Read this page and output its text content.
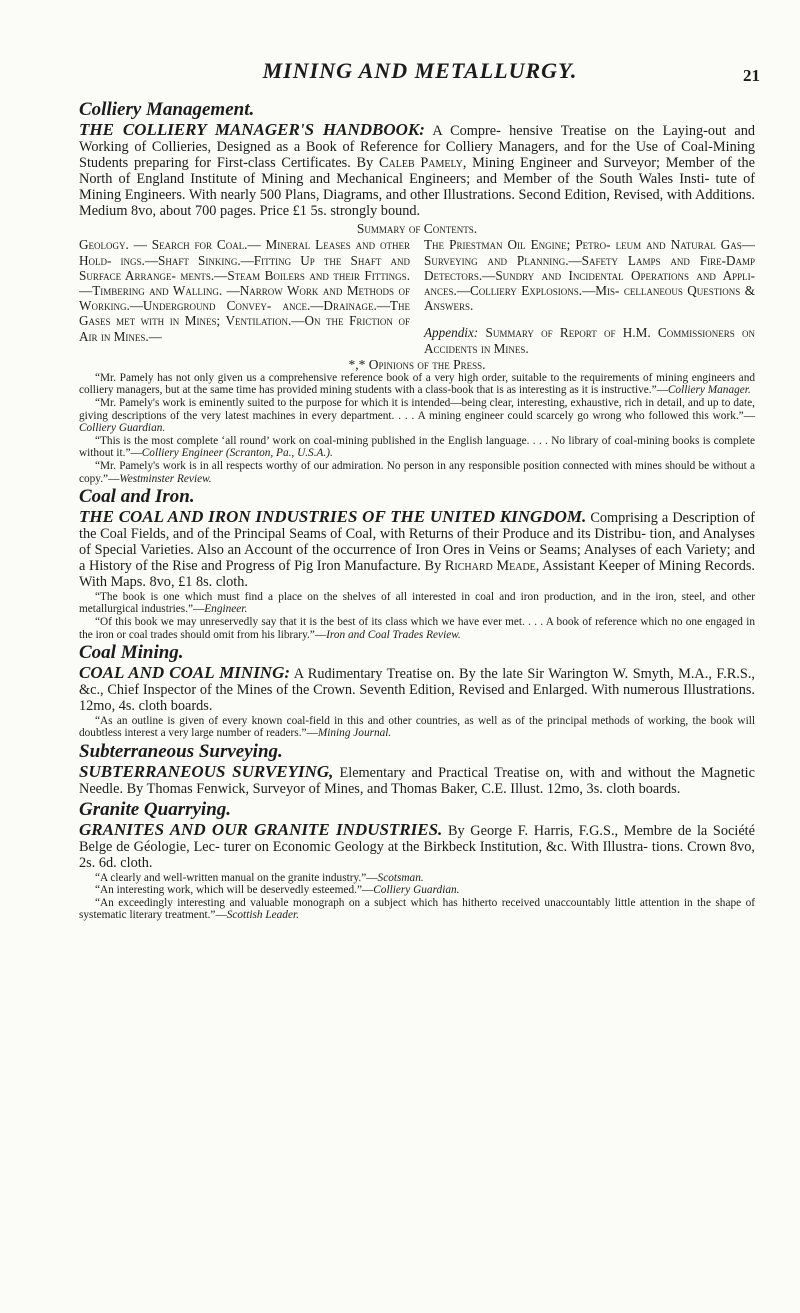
MINING AND METALLURGY.	21
Colliery Management.

THE COLLIERY MANAGER'S HANDBOOK: A Compre- hensive Treatise on the Laying-out and Working of Collieries, Designed as a Book of Reference for Colliery Managers, and for the Use of Coal-Mining Students preparing for First-class Certificates. By Caleb Pamely, Mining Engineer and Surveyor; Member of the North of England Institute of Mining and Mechanical Engineers; and Member of the South Wales Insti- tute of Mining Engineers. With nearly 500 Plans, Diagrams, and other Illustrations. Second Edition, Revised, with Additions. Medium 8vo, about 700 pages. Price £1 5s. strongly bound.

Summary of Contents.
Geology. — Search for Coal.— Mineral Leases and other Hold- ings.—Shaft Sinking.—Fitting Up the Shaft and Surface Arrange- ments.—Steam Boilers and their Fittings.—Timbering and Walling. —Narrow Work and Methods of Working.—Underground Convey- ance.—Drainage.—The Gases met with in Mines; Ventilation.—On the Friction of Air in Mines.—
The Priestman Oil Engine; Petro- leum and Natural Gas—Surveying and Planning.—Safety Lamps and Fire-Damp Detectors.—Sundry and Incidental Operations and Appli- ances.—Colliery Explosions.—Mis- cellaneous Questions & Answers.
Appendix: Summary of Report of H.M. Commissioners on Accidents in Mines.
*,* Opinions of the Press.

“Mr. Pamely has not only given us a comprehensive reference book of a very high order, suitable to the requirements of mining engineers and colliery managers, but at the same time has provided mining students with a class-book that is as interesting as it is instructive.”—Colliery Manager.

“Mr. Pamely's work is eminently suited to the purpose for which it is intended—being clear, interesting, exhaustive, rich in detail, and up to date, giving descriptions of the very latest machines in every department. . . . A mining engineer could scarcely go wrong who followed this work.”—Colliery Guardian.

“This is the most complete ‘all round’ work on coal-mining published in the English language. . . . No library of coal-mining books is complete without it.”—Colliery Engineer (Scranton, Pa., U.S.A.).

“Mr. Pamely's work is in all respects worthy of our admiration. No person in any responsible position connected with mines should be without a copy.”—Westminster Review.

Coal and Iron.

THE COAL AND IRON INDUSTRIES OF THE UNITED KINGDOM. Comprising a Description of the Coal Fields, and of the Principal Seams of Coal, with Returns of their Produce and its Distribu- tion, and Analyses of Special Varieties. Also an Account of the occurrence of Iron Ores in Veins or Seams; Analyses of each Variety; and a History of the Rise and Progress of Pig Iron Manufacture. By Richard Meade, Assistant Keeper of Mining Records. With Maps. 8vo, £1 8s. cloth.

“The book is one which must find a place on the shelves of all interested in coal and iron production, and in the iron, steel, and other metallurgical industries.”—Engineer.

“Of this book we may unreservedly say that it is the best of its class which we have ever met. . . . A book of reference which no one engaged in the iron or coal trades should omit from his library.”—Iron and Coal Trades Review.

Coal Mining.

COAL AND COAL MINING: A Rudimentary Treatise on. By the late Sir Warington W. Smyth, M.A., F.R.S., &c., Chief Inspector of the Mines of the Crown. Seventh Edition, Revised and Enlarged. With numerous Illustrations. 12mo, 4s. cloth boards.

“As an outline is given of every known coal-field in this and other countries, as well as of the principal methods of working, the book will doubtless interest a very large number of readers.”—Mining Journal.

Subterraneous Surveying.

SUBTERRANEOUS SURVEYING, Elementary and Practical Treatise on, with and without the Magnetic Needle. By Thomas Fenwick, Surveyor of Mines, and Thomas Baker, C.E. Illust. 12mo, 3s. cloth boards.

Granite Quarrying.

GRANITES AND OUR GRANITE INDUSTRIES. By George F. Harris, F.G.S., Membre de la Société Belge de Géologie, Lec- turer on Economic Geology at the Birkbeck Institution, &c. With Illustra- tions. Crown 8vo, 2s. 6d. cloth.

“A clearly and well-written manual on the granite industry.”—Scotsman.

“An interesting work, which will be deservedly esteemed.”—Colliery Guardian.

“An exceedingly interesting and valuable monograph on a subject which has hitherto received unaccountably little attention in the shape of systematic literary treatment.”—Scottish Leader.
